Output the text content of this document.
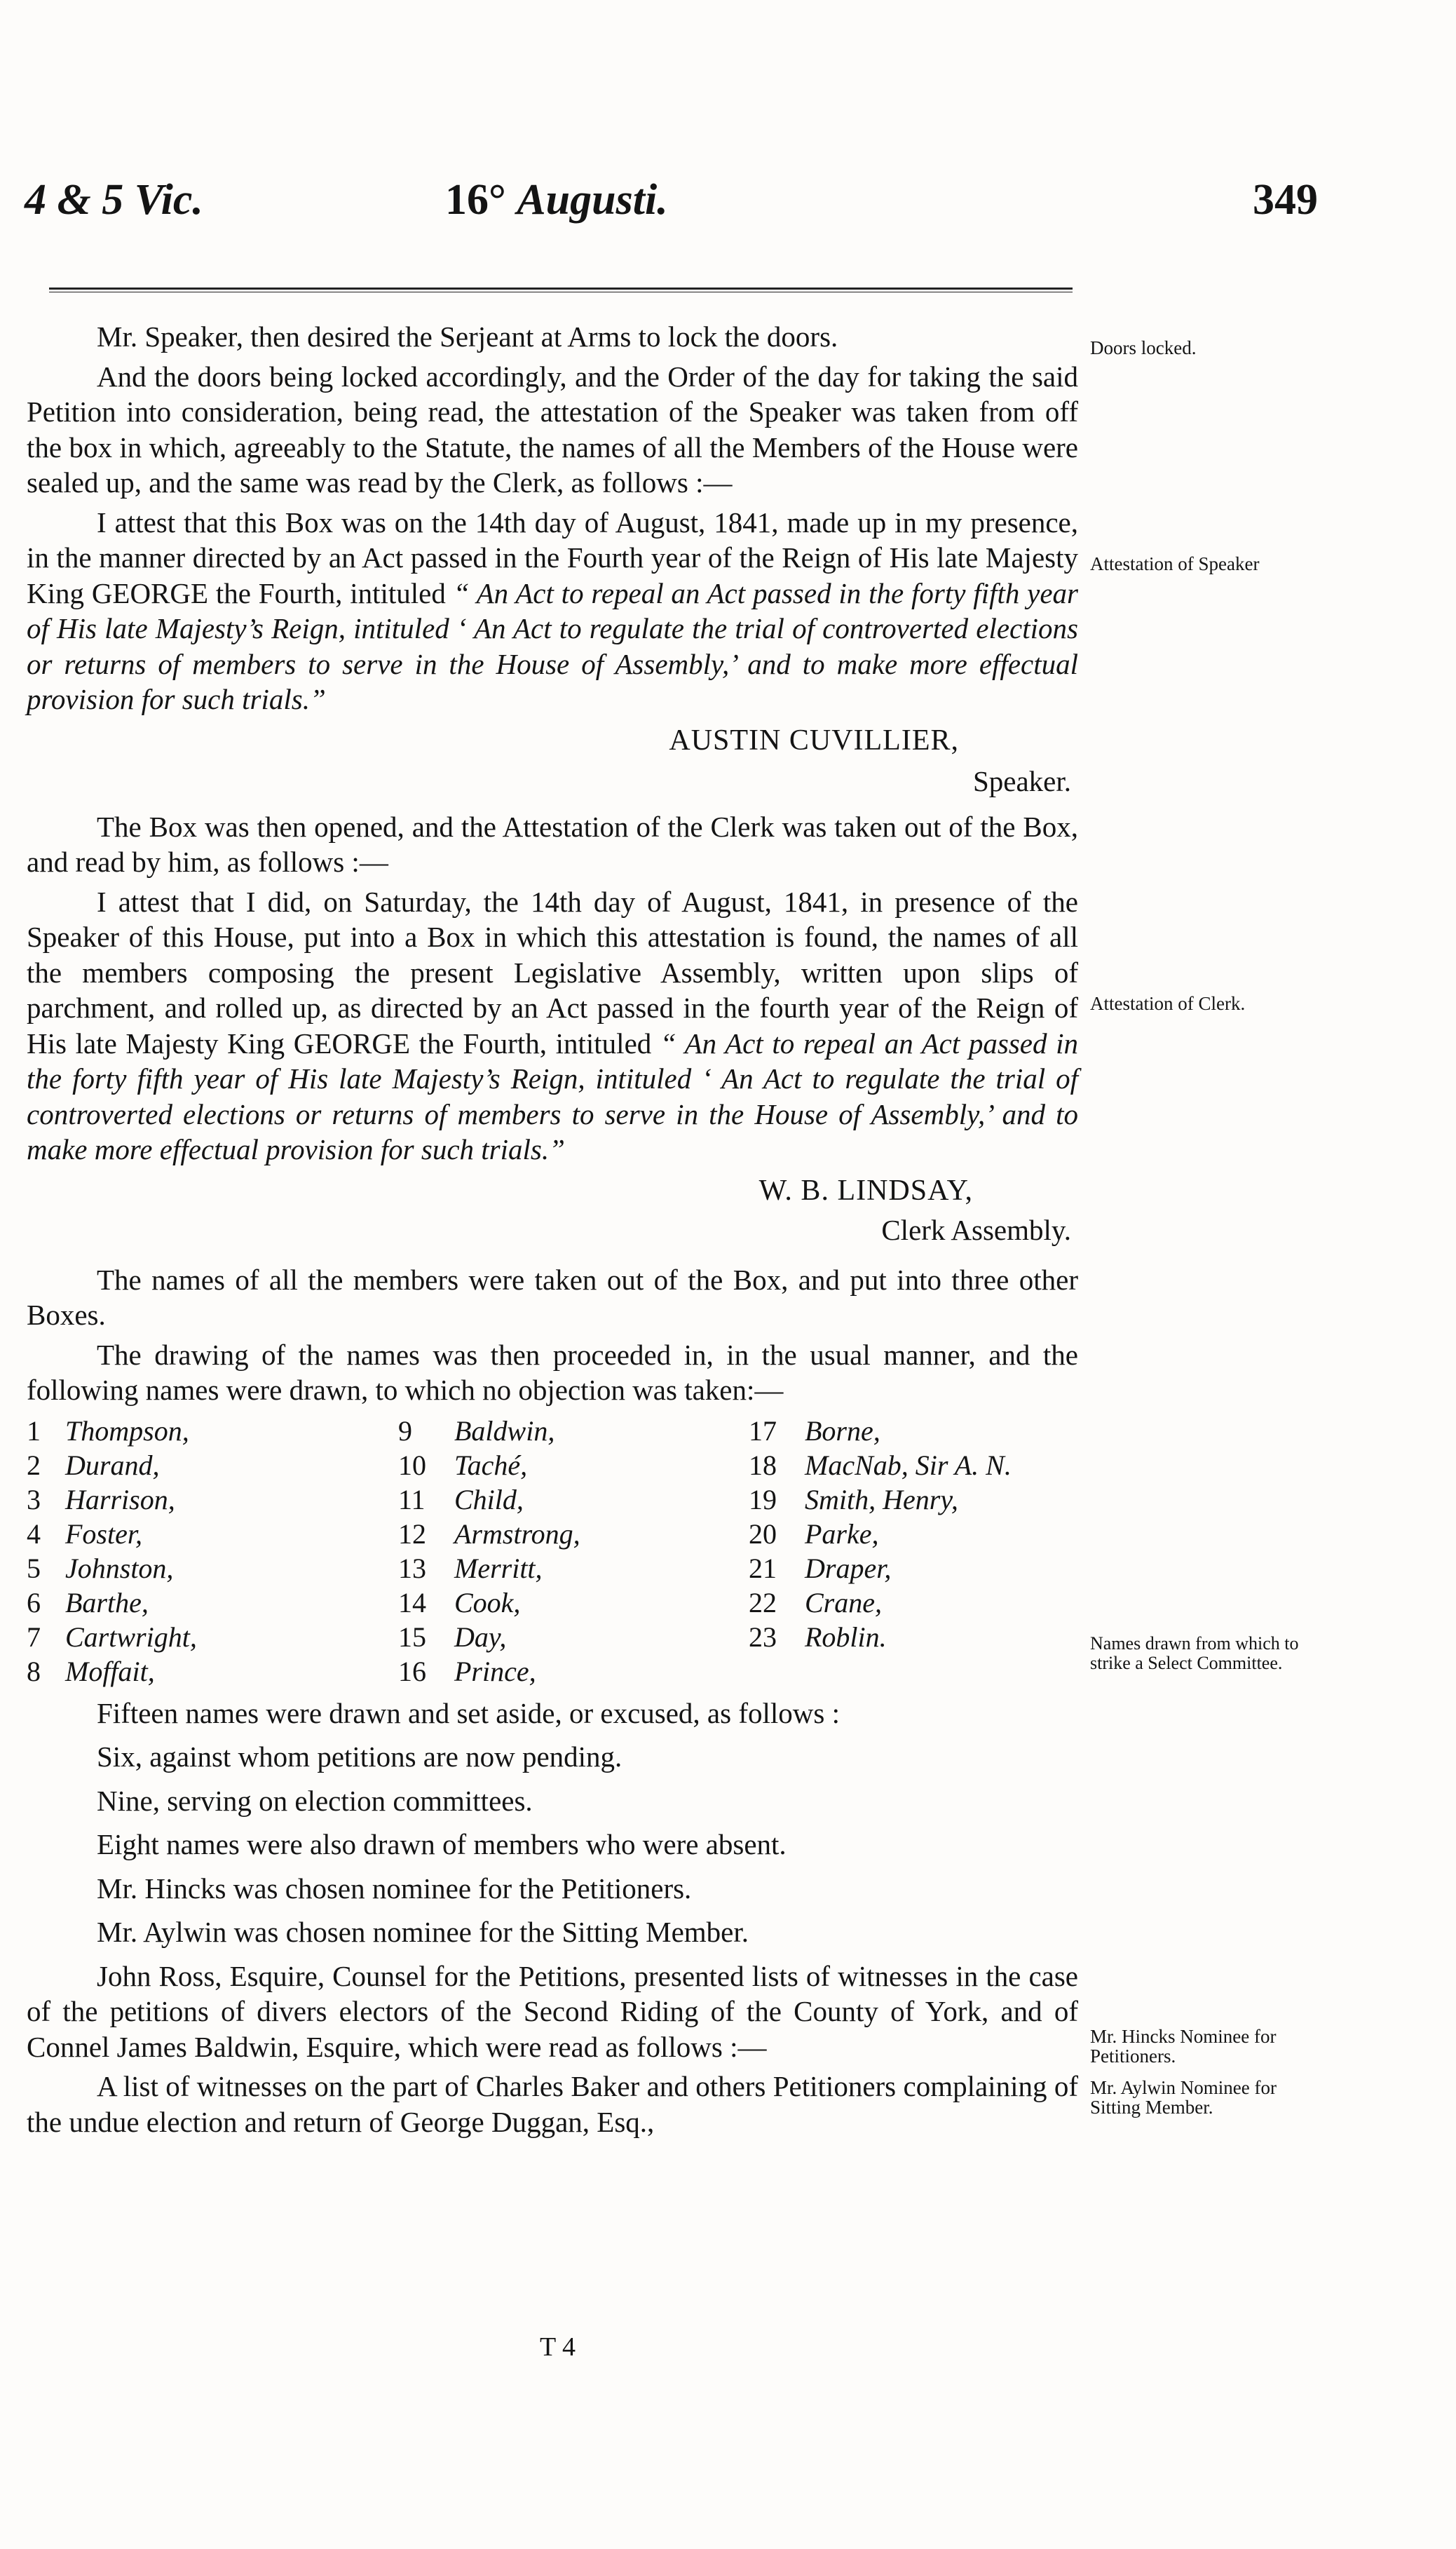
4 & 5 Vic.	16° Augusti.	349

Mr. Speaker, then desired the Serjeant at Arms to lock the doors.

And the doors being locked accordingly, and the Order of the day for taking the said Petition into consideration, being read, the attestation of the Speaker was taken from off the box in which, agreeably to the Statute, the names of all the Members of the House were sealed up, and the same was read by the Clerk, as follows :—

I attest that this Box was on the 14th day of August, 1841, made up in my presence, in the manner directed by an Act passed in the Fourth year of the Reign of His late Majesty King GEORGE the Fourth, intituled “ An Act to repeal an Act passed in the forty fifth year of His late Majesty’s Reign, intituled ‘ An Act to regulate the trial of controverted elections or returns of members to serve in the House of Assembly,’ and to make more effectual provision for such trials.”

AUSTIN CUVILLIER,
Speaker.

The Box was then opened, and the Attestation of the Clerk was taken out of the Box, and read by him, as follows :—

I attest that I did, on Saturday, the 14th day of August, 1841, in presence of the Speaker of this House, put into a Box in which this attestation is found, the names of all the members composing the present Legislative Assembly, written upon slips of parchment, and rolled up, as directed by an Act passed in the fourth year of the Reign of His late Majesty King GEORGE the Fourth, intituled “ An Act to repeal an Act passed in the forty fifth year of His late Majesty’s Reign, intituled ‘ An Act to regulate the trial of controverted elections or returns of members to serve in the House of Assembly,’ and to make more effectual provision for such trials.”

W. B. LINDSAY,
Clerk Assembly.

The names of all the members were taken out of the Box, and put into three other Boxes.

The drawing of the names was then proceeded in, in the usual manner, and the following names were drawn, to which no objection was taken:—

1 Thompson,
2 Durand,
3 Harrison,
4 Foster,
5 Johnston,
6 Barthe,
7 Cartwright,
8 Moffait,
9 Baldwin,
10 Taché,
11 Child,
12 Armstrong,
13 Merritt,
14 Cook,
15 Day,
16 Prince,
17 Borne,
18 MacNab, Sir A. N.
19 Smith, Henry,
20 Parke,
21 Draper,
22 Crane,
23 Roblin.

Fifteen names were drawn and set aside, or excused, as follows :

Six, against whom petitions are now pending.

Nine, serving on election committees.

Eight names were also drawn of members who were absent.

Mr. Hincks was chosen nominee for the Petitioners.

Mr. Aylwin was chosen nominee for the Sitting Member.

John Ross, Esquire, Counsel for the Petitions, presented lists of witnesses in the case of the petitions of divers electors of the Second Riding of the County of York, and of Connel James Baldwin, Esquire, which were read as follows :—

A list of witnesses on the part of Charles Baker and others Petitioners complaining of the undue election and return of George Duggan, Esq.,

T 4
Doors locked.
Attestation of Speaker
Attestation of Clerk.
Names drawn from which to strike a Select Committee.
Mr. Hincks Nominee for Petitioners.
Mr. Aylwin Nominee for Sitting Member.
